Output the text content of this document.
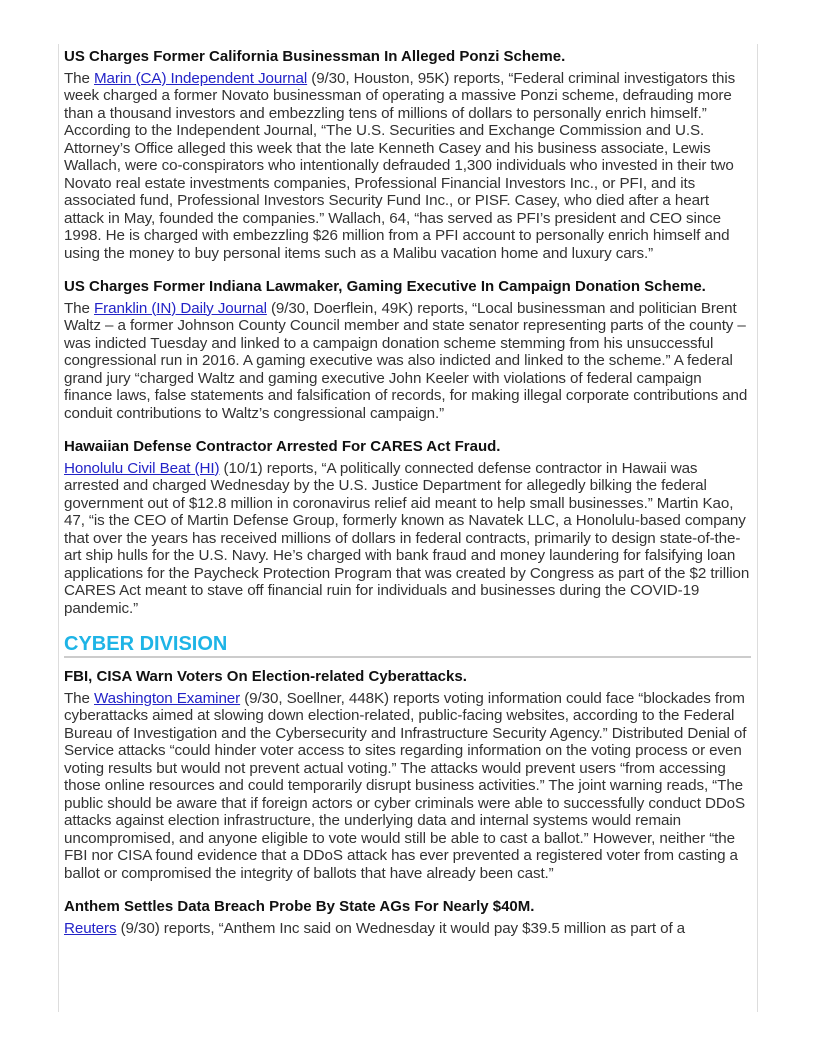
US Charges Former California Businessman In Alleged Ponzi Scheme.

The Marin (CA) Independent Journal (9/30, Houston, 95K) reports, “Federal criminal investigators this week charged a former Novato businessman of operating a massive Ponzi scheme, defrauding more than a thousand investors and embezzling tens of millions of dollars to personally enrich himself.” According to the Independent Journal, “The U.S. Securities and Exchange Commission and U.S. Attorney’s Office alleged this week that the late Kenneth Casey and his business associate, Lewis Wallach, were co-conspirators who intentionally defrauded 1,300 individuals who invested in their two Novato real estate investments companies, Professional Financial Investors Inc., or PFI, and its associated fund, Professional Investors Security Fund Inc., or PISF. Casey, who died after a heart attack in May, founded the companies.” Wallach, 64, “has served as PFI’s president and CEO since 1998. He is charged with embezzling $26 million from a PFI account to personally enrich himself and using the money to buy personal items such as a Malibu vacation home and luxury cars.”

US Charges Former Indiana Lawmaker, Gaming Executive In Campaign Donation Scheme.

The Franklin (IN) Daily Journal (9/30, Doerflein, 49K) reports, “Local businessman and politician Brent Waltz – a former Johnson County Council member and state senator representing parts of the county – was indicted Tuesday and linked to a campaign donation scheme stemming from his unsuccessful congressional run in 2016. A gaming executive was also indicted and linked to the scheme.” A federal grand jury “charged Waltz and gaming executive John Keeler with violations of federal campaign finance laws, false statements and falsification of records, for making illegal corporate contributions and conduit contributions to Waltz’s congressional campaign.”

Hawaiian Defense Contractor Arrested For CARES Act Fraud.

Honolulu Civil Beat (HI) (10/1) reports, “A politically connected defense contractor in Hawaii was arrested and charged Wednesday by the U.S. Justice Department for allegedly bilking the federal government out of $12.8 million in coronavirus relief aid meant to help small businesses.” Martin Kao, 47, “is the CEO of Martin Defense Group, formerly known as Navatek LLC, a Honolulu-based company that over the years has received millions of dollars in federal contracts, primarily to design state-of-the-art ship hulls for the U.S. Navy. He’s charged with bank fraud and money laundering for falsifying loan applications for the Paycheck Protection Program that was created by Congress as part of the $2 trillion CARES Act meant to stave off financial ruin for individuals and businesses during the COVID-19 pandemic.”

CYBER DIVISION
FBI, CISA Warn Voters On Election-related Cyberattacks.

The Washington Examiner (9/30, Soellner, 448K) reports voting information could face “blockades from cyberattacks aimed at slowing down election-related, public-facing websites, according to the Federal Bureau of Investigation and the Cybersecurity and Infrastructure Security Agency.” Distributed Denial of Service attacks “could hinder voter access to sites regarding information on the voting process or even voting results but would not prevent actual voting.” The attacks would prevent users “from accessing those online resources and could temporarily disrupt business activities.” The joint warning reads, “The public should be aware that if foreign actors or cyber criminals were able to successfully conduct DDoS attacks against election infrastructure, the underlying data and internal systems would remain uncompromised, and anyone eligible to vote would still be able to cast a ballot.” However, neither “the FBI nor CISA found evidence that a DDoS attack has ever prevented a registered voter from casting a ballot or compromised the integrity of ballots that have already been cast.”

Anthem Settles Data Breach Probe By State AGs For Nearly $40M.

Reuters (9/30) reports, “Anthem Inc said on Wednesday it would pay $39.5 million as part of a
